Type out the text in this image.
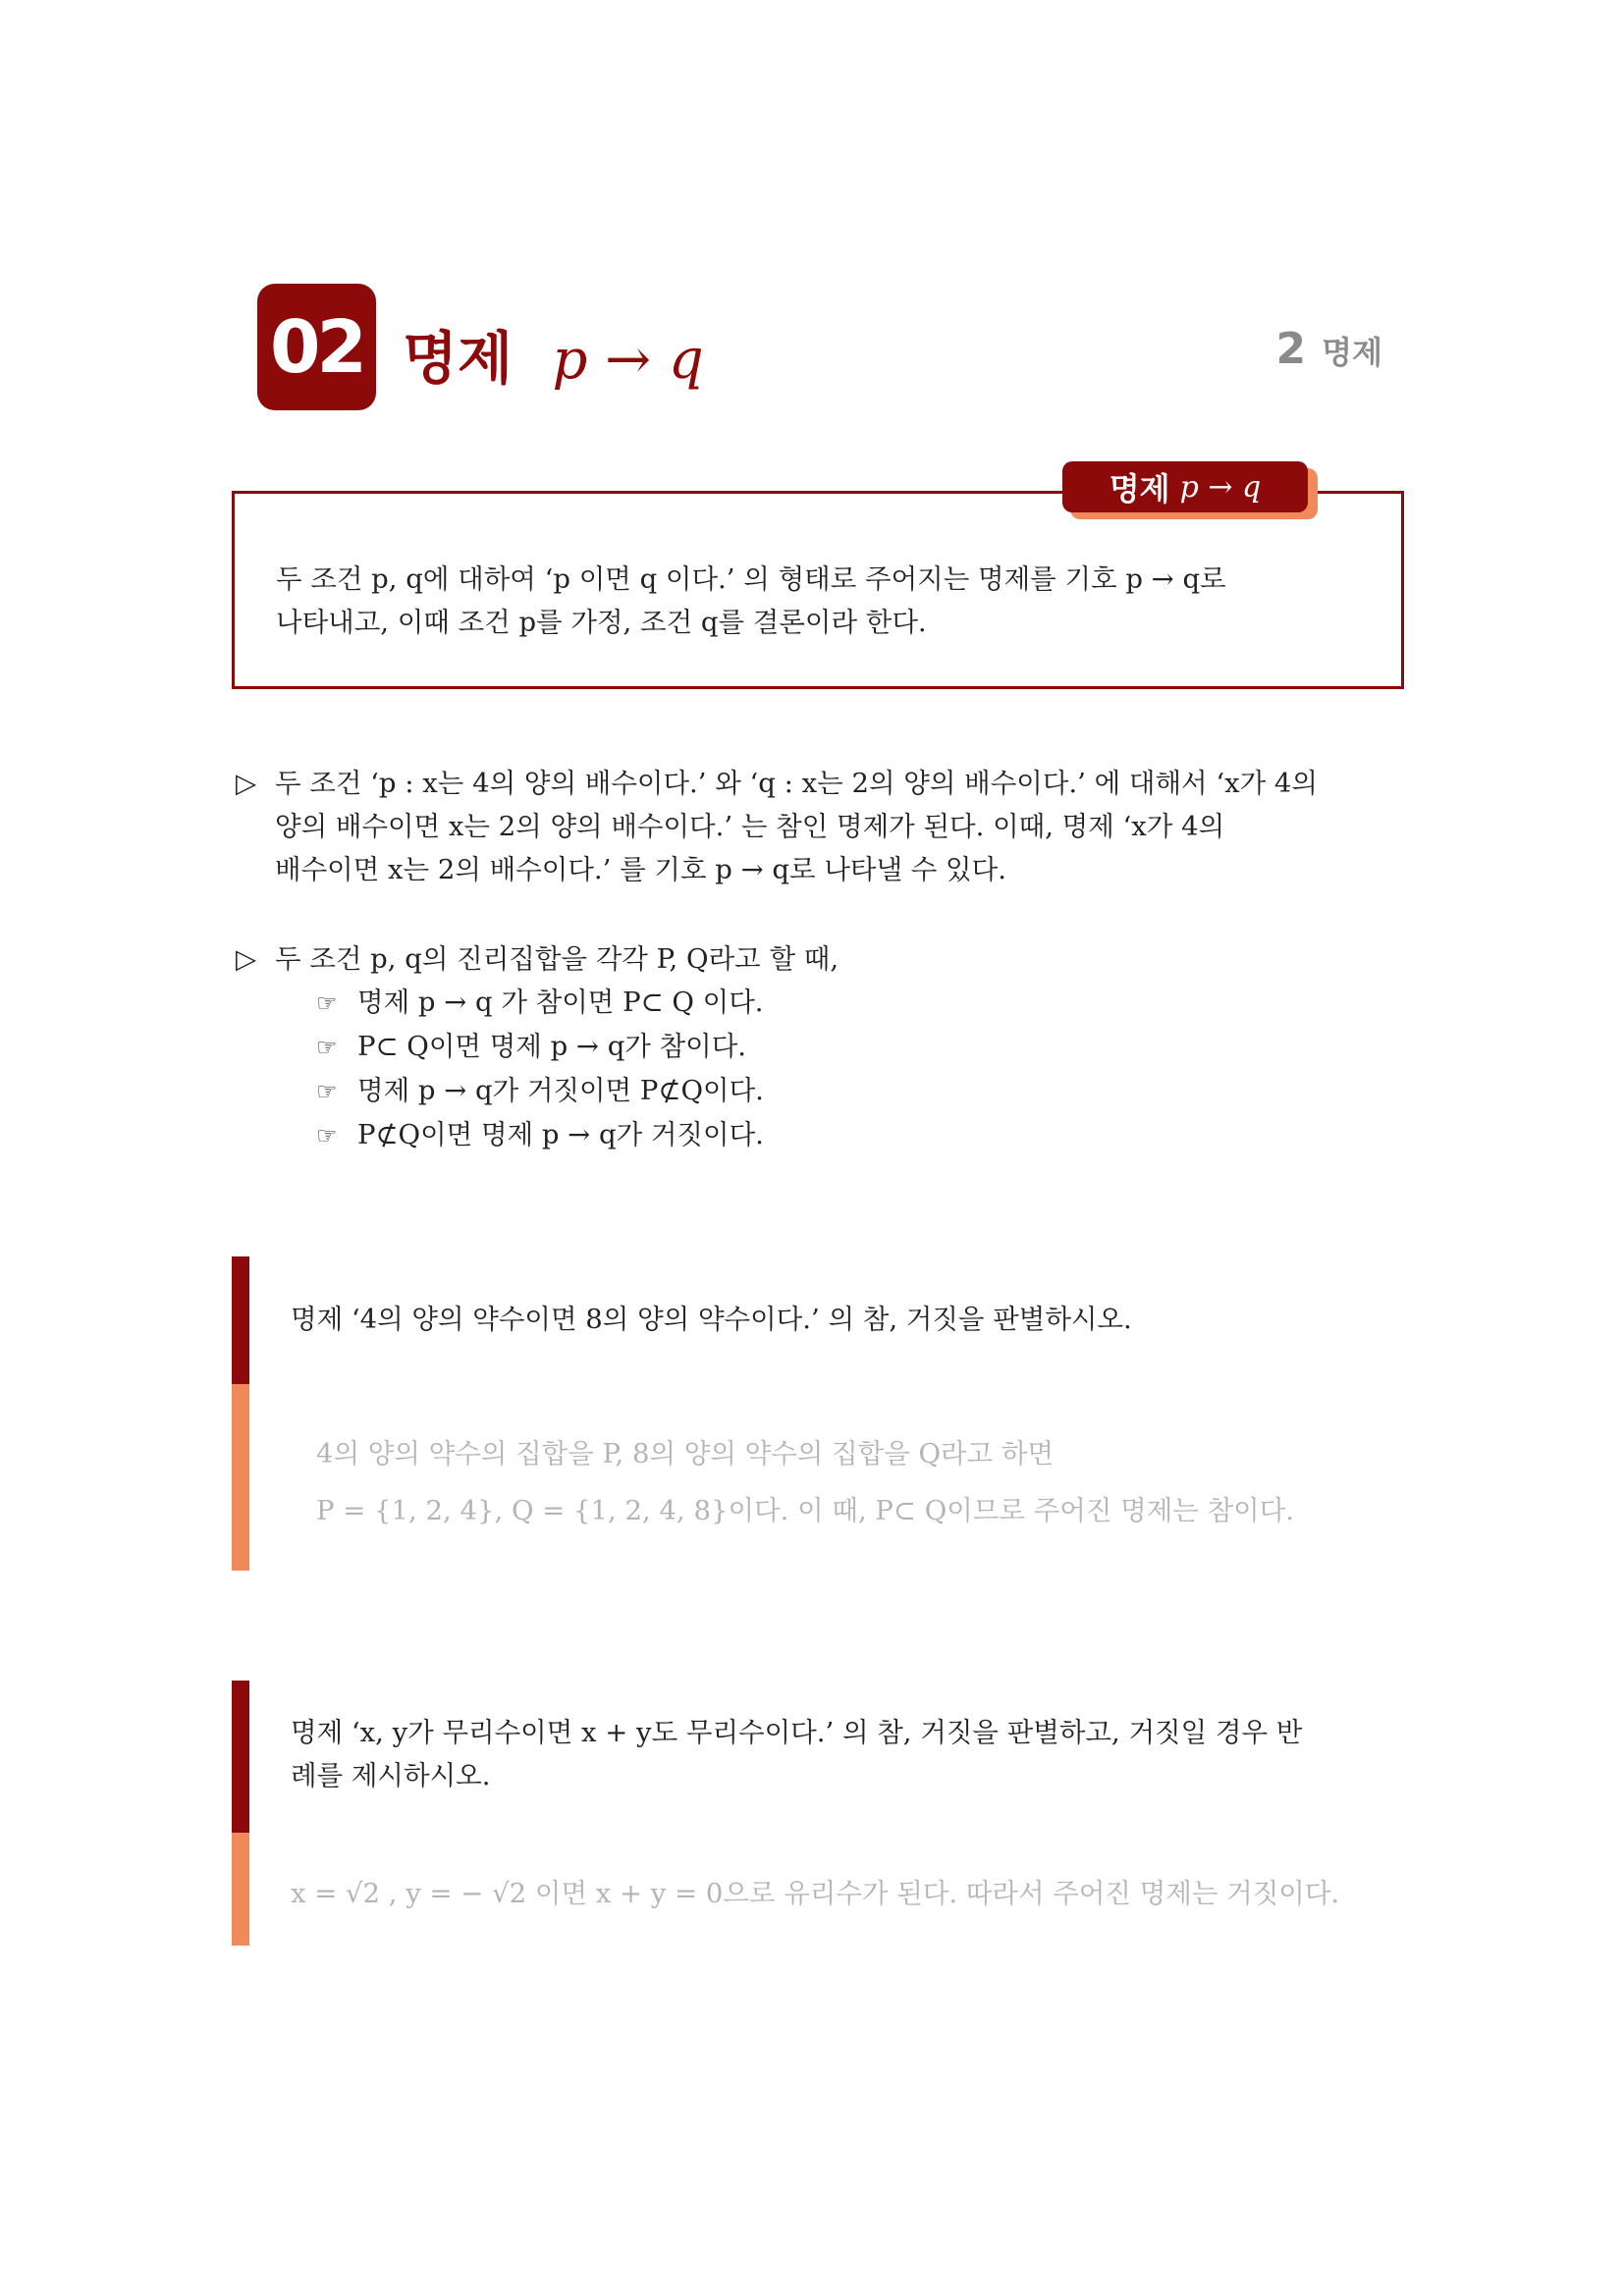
02 명제 p → q	2 명제
두 조건 p, q에 대하여 ‘p 이면 q 이다.’ 의 형태로 주어지는 명제를 기호 p → q로
나타내고, 이때 조건 p를 가정, 조건 q를 결론이라 한다.
명제 p → q
▷ 두 조건 ‘p : x는 4의 양의 배수이다.’ 와 ‘q : x는 2의 양의 배수이다.’ 에 대해서 ‘x가 4의
양의 배수이면 x는 2의 양의 배수이다.’ 는 참인 명제가 된다. 이때, 명제 ‘x가 4의
배수이면 x는 2의 배수이다.’ 를 기호 p → q로 나타낼 수 있다.
▷ 두 조건 p, q의 진리집합을 각각 P, Q라고 할 때,
☞ 명제 p → q 가 참이면 P⊂ Q 이다.
☞ P⊂ Q이면 명제 p → q가 참이다.
☞ 명제 p → q가 거짓이면 P⊄Q이다.
☞ P⊄Q이면 명제 p → q가 거짓이다.
명제 ‘4의 양의 약수이면 8의 양의 약수이다.’ 의 참, 거짓을 판별하시오.
4의 양의 약수의 집합을 P, 8의 양의 약수의 집합을 Q라고 하면
P = {1, 2, 4}, Q = {1, 2, 4, 8}이다. 이 때, P⊂ Q이므로 주어진 명제는 참이다.
명제 ‘x, y가 무리수이면 x + y도 무리수이다.’ 의 참, 거짓을 판별하고, 거짓일 경우 반
례를 제시하시오.
x = √2 , y = − √2 이면 x + y = 0으로 유리수가 된다. 따라서 주어진 명제는 거짓이다.
